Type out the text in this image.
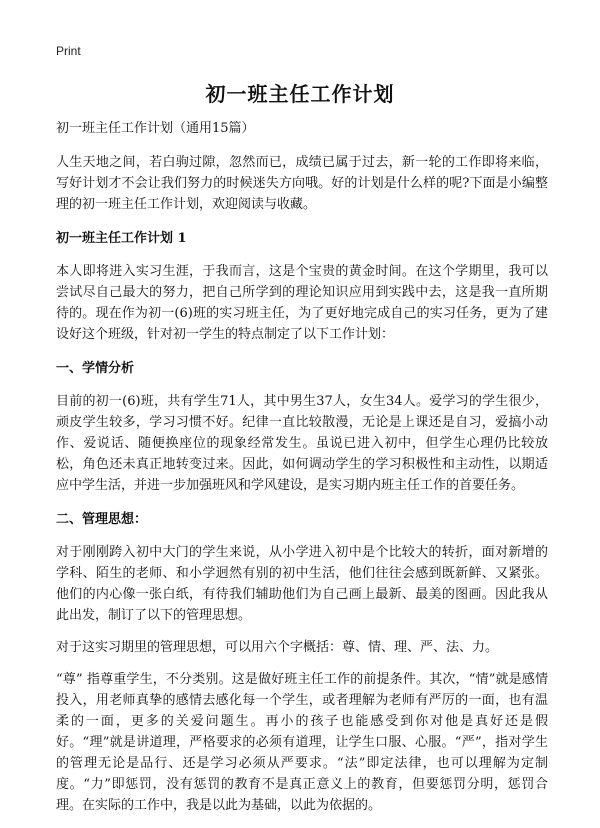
Print
初一班主任工作计划

初一班主任工作计划（通用15篇）

人生天地之间，若白驹过隙，忽然而已，成绩已属于过去，新一轮的工作即将来临，写好计划才不会让我们努力的时候迷失方向哦。好的计划是什么样的呢?下面是小编整理的初一班主任工作计划，欢迎阅读与收藏。

初一班主任工作计划 1

本人即将进入实习生涯，于我而言，这是个宝贵的黄金时间。在这个学期里，我可以尝试尽自己最大的努力，把自己所学到的理论知识应用到实践中去，这是我一直所期待的。现在作为初一(6)班的实习班主任，为了更好地完成自己的实习任务，更为了建设好这个班级，针对初一学生的特点制定了以下工作计划：

一、学情分析

目前的初一(6)班，共有学生71人，其中男生37人，女生34人。爱学习的学生很少，顽皮学生较多，学习习惯不好。纪律一直比较散漫，无论是上课还是自习，爱搞小动作、爱说话、随便换座位的现象经常发生。虽说已进入初中，但学生心理仍比较放松，角色还未真正地转变过来。因此，如何调动学生的学习积极性和主动性，以期适应中学生活，并进一步加强班风和学风建设，是实习期内班主任工作的首要任务。

二、管理思想：

对于刚刚跨入初中大门的学生来说，从小学进入初中是个比较大的转折，面对新增的学科、陌生的老师、和小学迥然有别的初中生活，他们往往会感到既新鲜、又紧张。他们的内心像一张白纸，有待我们辅助他们为自己画上最新、最美的图画。因此我从此出发，制订了以下的管理思想。

对于这实习期里的管理思想，可以用六个字概括：尊、情、理、严、法、力。

“尊” 指尊重学生，不分类别。这是做好班主任工作的前提条件。其次，“情”就是感情投入，用老师真挚的感情去感化每一个学生，或者理解为老师有严厉的一面，也有温柔的一面，更多的关爱问题生。再小的孩子也能感受到你对他是真好还是假好。“理”就是讲道理，严格要求的必须有道理，让学生口服、心服。“严”，指对学生的管理无论是品行、还是学习必须从严要求。“法”即定法律，也可以理解为定制度。“力”即惩罚，没有惩罚的教育不是真正意义上的教育，但要惩罚分明，惩罚合理。在实际的工作中，我是以此为基础，以此为依据的。
